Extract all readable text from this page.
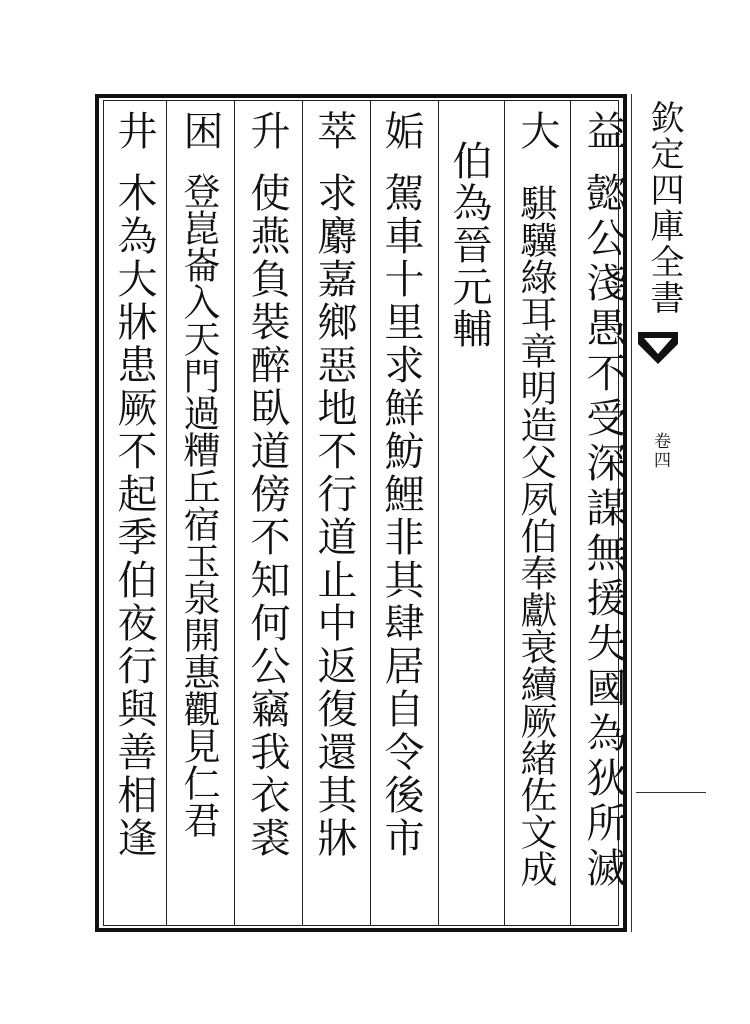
益
懿公淺愚不受深謀無援失國為狄所滅
大
騏驥綠耳章明造父夙伯奉獻衰續厥緒佐文成
伯為晉元輔
姤
駕車十里求鮮魴鯉非其肆居自令後市
萃
求麝嘉鄉惡地不行道止中返復還其牀
升
使燕負裝醉臥道傍不知何公竊我衣裘
困
登崑崙入天門過糟丘宿玉泉開惠觀見仁君
井
木為大牀患厥不起季伯夜行與善相逢	欽定四庫全書
卷四
